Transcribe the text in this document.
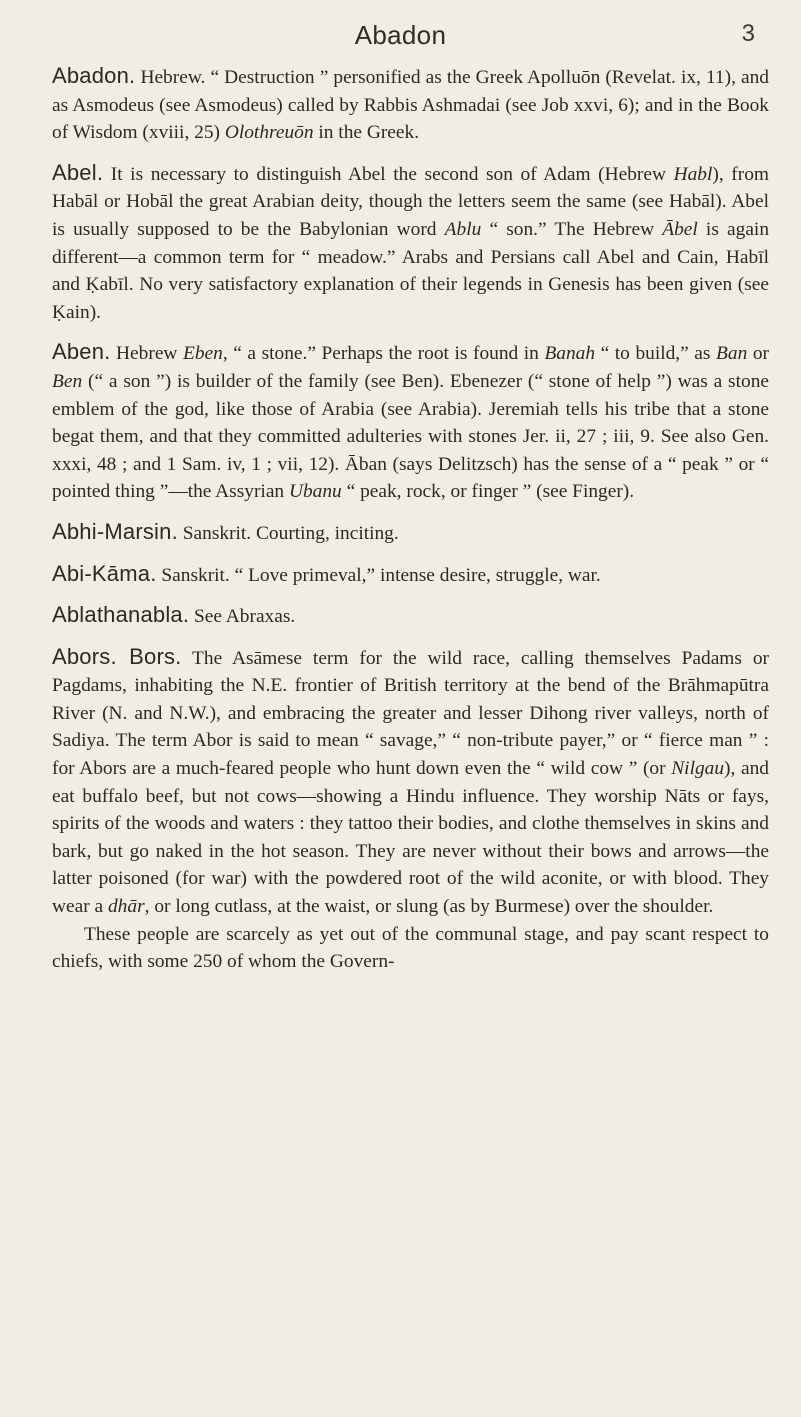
Abadon	3

Abadon. Hebrew. “ Destruction ” personified as the Greek Apolluōn (Revelat. ix, 11), and as Asmodeus (see Asmodeus) called by Rabbis Ashmadai (see Job xxvi, 6); and in the Book of Wisdom (xviii, 25) Olothreuōn in the Greek.

Abel. It is necessary to distinguish Abel the second son of Adam (Hebrew Habl), from Habāl or Hobāl the great Arabian deity, though the letters seem the same (see Habāl). Abel is usually supposed to be the Babylonian word Ablu “ son.” The Hebrew Ābel is again different—a common term for “ meadow.” Arabs and Persians call Abel and Cain, Habīl and Ḳabīl. No very satisfactory explanation of their legends in Genesis has been given (see Ḳain).

Aben. Hebrew Eben, “ a stone.” Perhaps the root is found in Banah “ to build,” as Ban or Ben (“ a son ”) is builder of the family (see Ben). Ebenezer (“ stone of help ”) was a stone emblem of the god, like those of Arabia (see Arabia). Jeremiah tells his tribe that a stone begat them, and that they committed adulteries with stones Jer. ii, 27 ; iii, 9. See also Gen. xxxi, 48 ; and 1 Sam. iv, 1 ; vii, 12). Āban (says Delitzsch) has the sense of a “ peak ” or “ pointed thing ”—the Assyrian Ubanu “ peak, rock, or finger ” (see Finger).

Abhi-Marsin. Sanskrit. Courting, inciting.

Abi-Kāma. Sanskrit. “ Love primeval,” intense desire, struggle, war.

Ablathanabla. See Abraxas.

Abors. Bors. The Asāmese term for the wild race, calling themselves Padams or Pagdams, inhabiting the N.E. frontier of British territory at the bend of the Brāhmapūtra River (N. and N.W.), and embracing the greater and lesser Dihong river valleys, north of Sadiya. The term Abor is said to mean “ savage,” “ non-tribute payer,” or “ fierce man ” : for Abors are a much-feared people who hunt down even the “ wild cow ” (or Nilgau), and eat buffalo beef, but not cows—showing a Hindu influence. They worship Nāts or fays, spirits of the woods and waters : they tattoo their bodies, and clothe themselves in skins and bark, but go naked in the hot season. They are never without their bows and arrows—the latter poisoned (for war) with the powdered root of the wild aconite, or with blood. They wear a dhār, or long cutlass, at the waist, or slung (as by Burmese) over the shoulder.

These people are scarcely as yet out of the communal stage, and pay scant respect to chiefs, with some 250 of whom the Govern-
